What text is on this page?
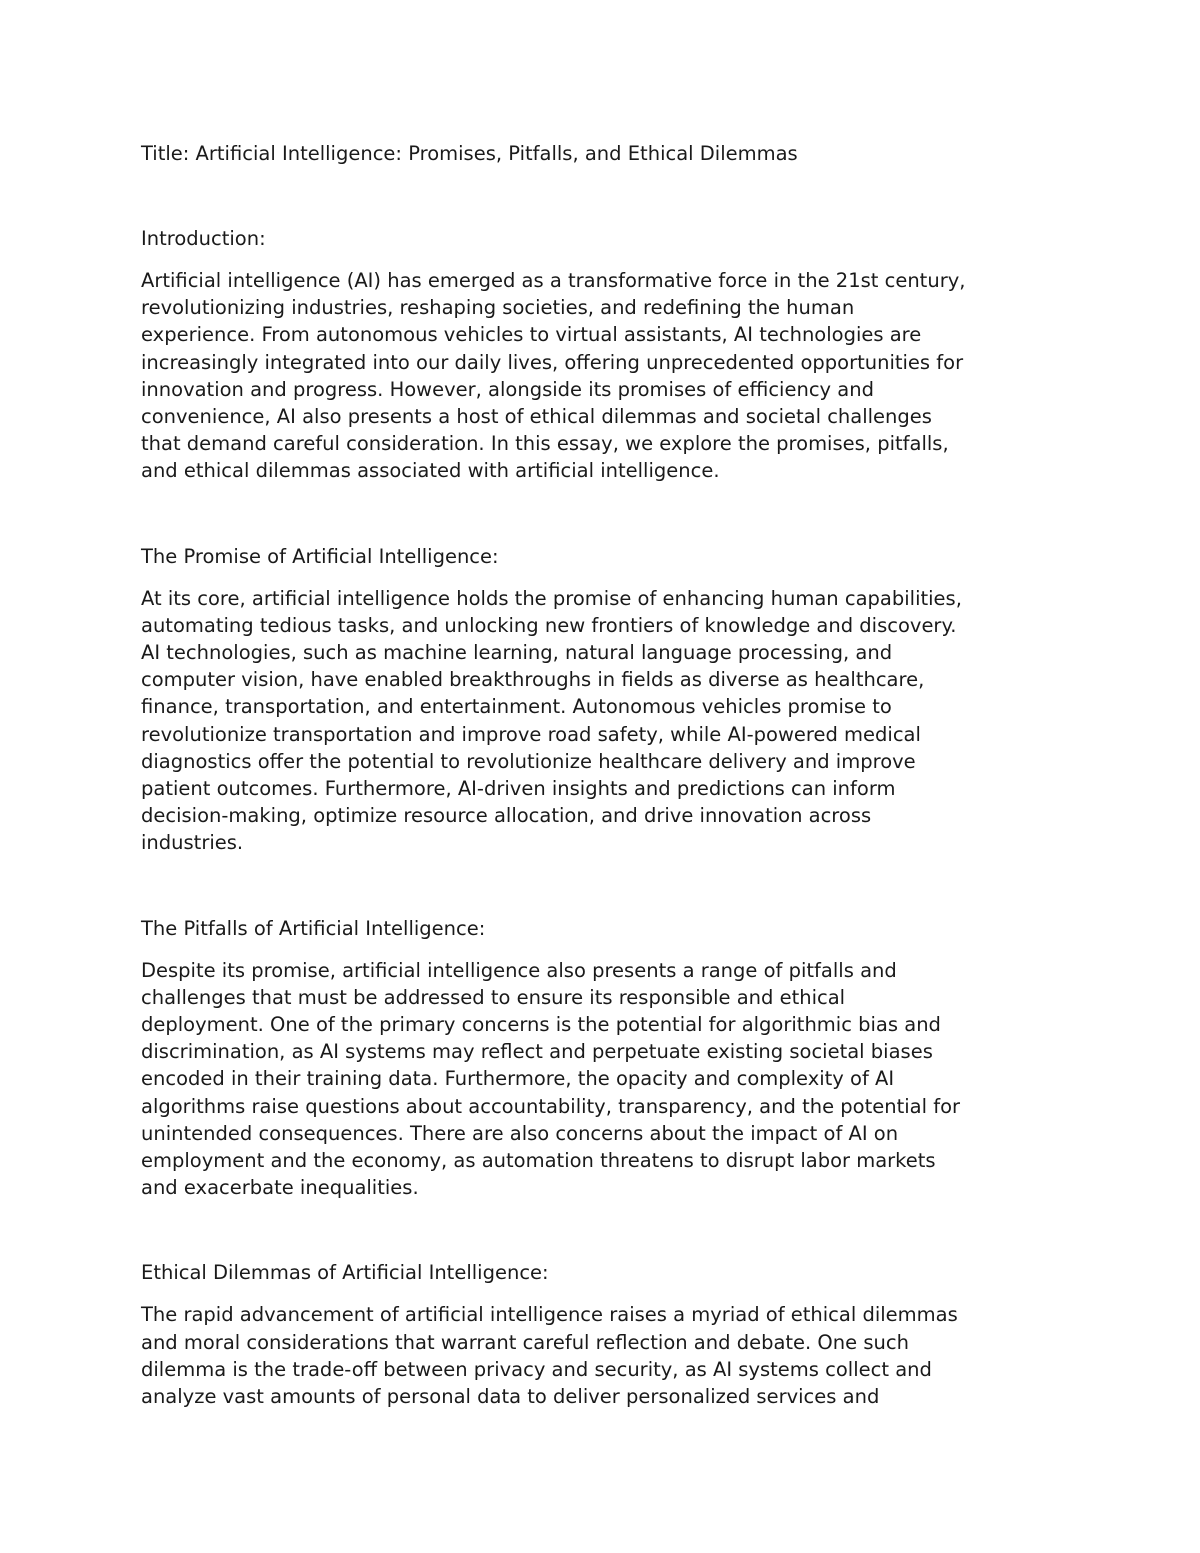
Title: Artificial Intelligence: Promises, Pitfalls, and Ethical Dilemmas
Introduction:
Artificial intelligence (AI) has emerged as a transformative force in the 21st century,
revolutionizing industries, reshaping societies, and redefining the human
experience. From autonomous vehicles to virtual assistants, AI technologies are
increasingly integrated into our daily lives, offering unprecedented opportunities for
innovation and progress. However, alongside its promises of efficiency and
convenience, AI also presents a host of ethical dilemmas and societal challenges
that demand careful consideration. In this essay, we explore the promises, pitfalls,
and ethical dilemmas associated with artificial intelligence.
The Promise of Artificial Intelligence:
At its core, artificial intelligence holds the promise of enhancing human capabilities,
automating tedious tasks, and unlocking new frontiers of knowledge and discovery.
AI technologies, such as machine learning, natural language processing, and
computer vision, have enabled breakthroughs in fields as diverse as healthcare,
finance, transportation, and entertainment. Autonomous vehicles promise to
revolutionize transportation and improve road safety, while AI-powered medical
diagnostics offer the potential to revolutionize healthcare delivery and improve
patient outcomes. Furthermore, AI-driven insights and predictions can inform
decision-making, optimize resource allocation, and drive innovation across
industries.
The Pitfalls of Artificial Intelligence:
Despite its promise, artificial intelligence also presents a range of pitfalls and
challenges that must be addressed to ensure its responsible and ethical
deployment. One of the primary concerns is the potential for algorithmic bias and
discrimination, as AI systems may reflect and perpetuate existing societal biases
encoded in their training data. Furthermore, the opacity and complexity of AI
algorithms raise questions about accountability, transparency, and the potential for
unintended consequences. There are also concerns about the impact of AI on
employment and the economy, as automation threatens to disrupt labor markets
and exacerbate inequalities.
Ethical Dilemmas of Artificial Intelligence:
The rapid advancement of artificial intelligence raises a myriad of ethical dilemmas
and moral considerations that warrant careful reflection and debate. One such
dilemma is the trade-off between privacy and security, as AI systems collect and
analyze vast amounts of personal data to deliver personalized services and
